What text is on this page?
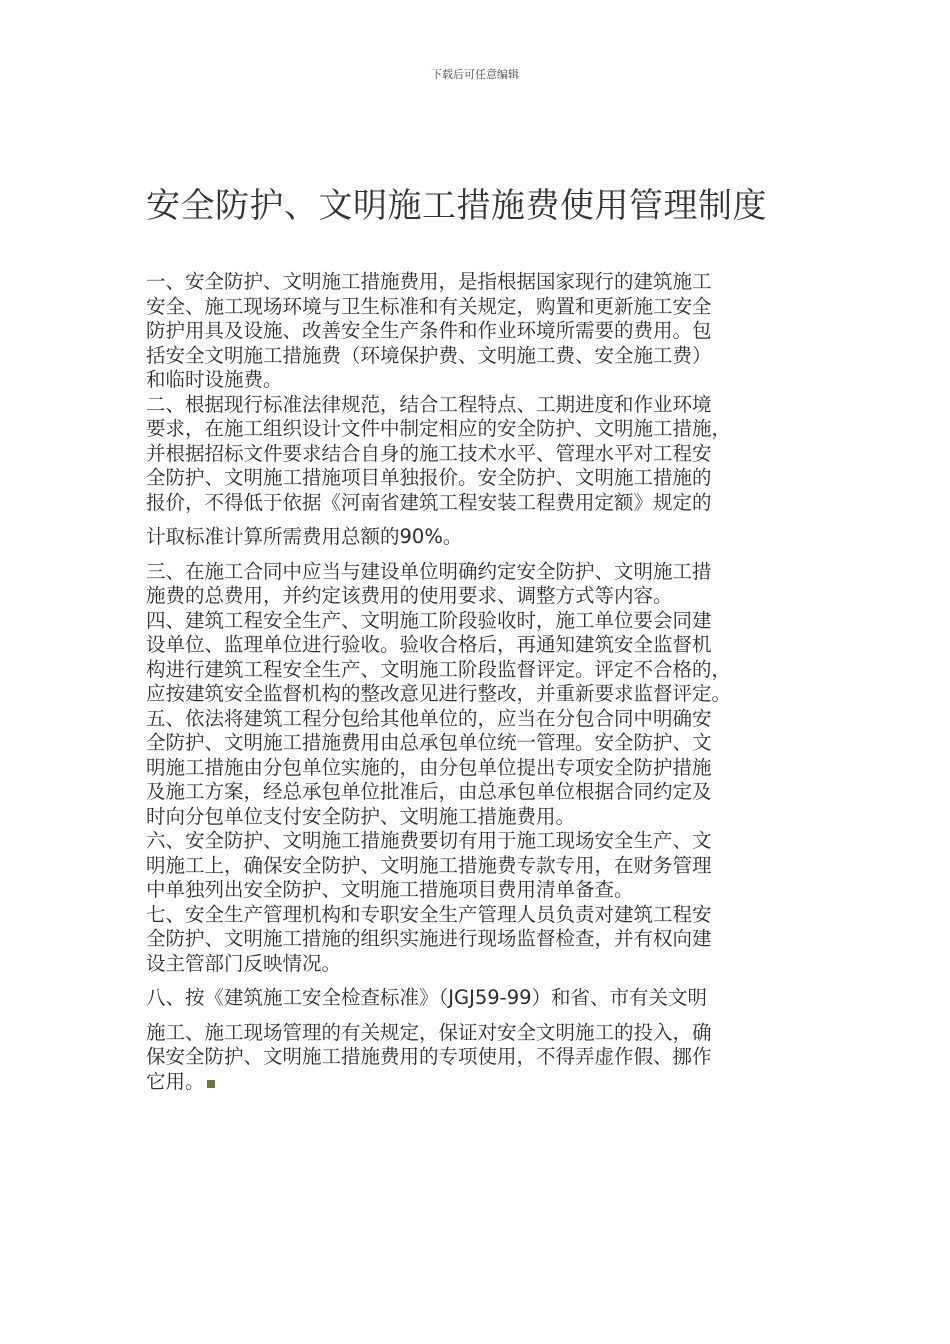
下载后可任意编辑
安全防护、文明施工措施费使用管理制度

一、安全防护、文明施工措施费用，是指根据国家现行的建筑施工
安全、施工现场环境与卫生标准和有关规定，购置和更新施工安全
防护用具及设施、改善安全生产条件和作业环境所需要的费用。包
括安全文明施工措施费（环境保护费、文明施工费、安全施工费）
和临时设施费。

二、根据现行标准法律规范，结合工程特点、工期进度和作业环境
要求，在施工组织设计文件中制定相应的安全防护、文明施工措施，
并根据招标文件要求结合自身的施工技术水平、管理水平对工程安
全防护、文明施工措施项目单独报价。安全防护、文明施工措施的
报价，不得低于依据《河南省建筑工程安装工程费用定额》规定的

计取标准计算所需费用总额的90%。

三、在施工合同中应当与建设单位明确约定安全防护、文明施工措
施费的总费用，并约定该费用的使用要求、调整方式等内容。
四、建筑工程安全生产、文明施工阶段验收时，施工单位要会同建
设单位、监理单位进行验收。验收合格后，再通知建筑安全监督机
构进行建筑工程安全生产、文明施工阶段监督评定。评定不合格的，
应按建筑安全监督机构的整改意见进行整改，并重新要求监督评定。
五、依法将建筑工程分包给其他单位的，应当在分包合同中明确安
全防护、文明施工措施费用由总承包单位统一管理。安全防护、文
明施工措施由分包单位实施的，由分包单位提出专项安全防护措施
及施工方案，经总承包单位批准后，由总承包单位根据合同约定及
时向分包单位支付安全防护、文明施工措施费用。
六、安全防护、文明施工措施费要切有用于施工现场安全生产、文
明施工上，确保安全防护、文明施工措施费专款专用，在财务管理
中单独列出安全防护、文明施工措施项目费用清单备查。
七、安全生产管理机构和专职安全生产管理人员负责对建筑工程安
全防护、文明施工措施的组织实施进行现场监督检查，并有权向建
设主管部门反映情况。

八、按《建筑施工安全检查标准》（JGJ59-99）和省、市有关文明

施工、施工现场管理的有关规定，保证对安全文明施工的投入，确
保安全防护、文明施工措施费用的专项使用，不得弄虚作假、挪作
它用。
